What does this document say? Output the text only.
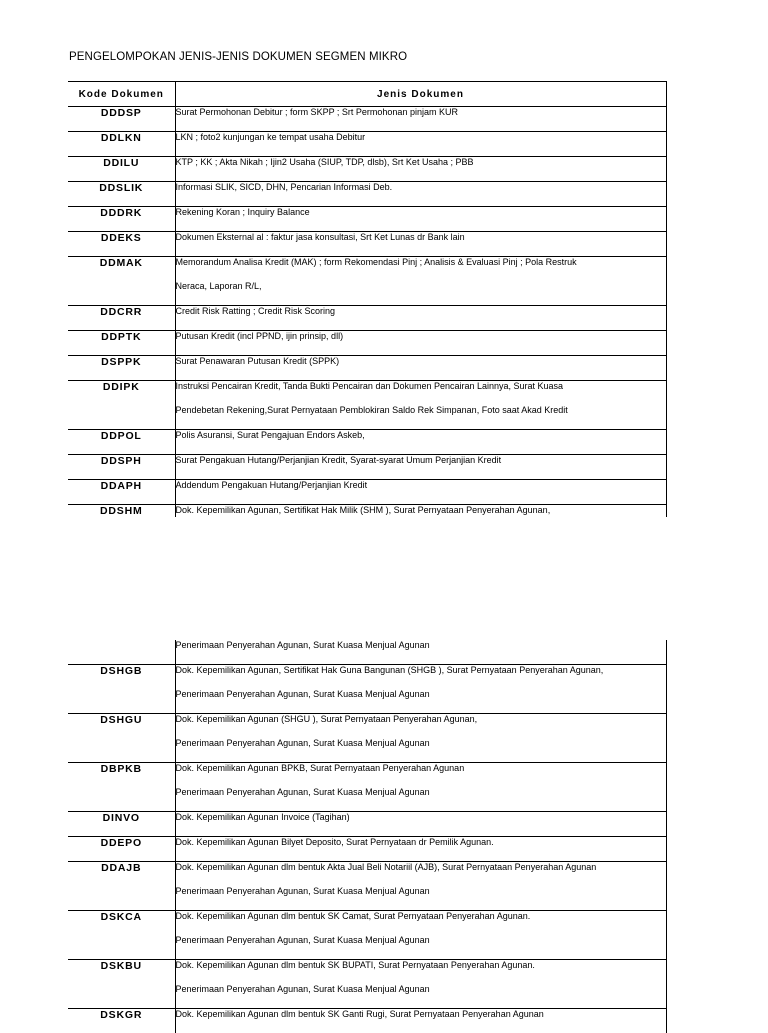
PENGELOMPOKAN JENIS-JENIS DOKUMEN SEGMEN MIKRO
Kode Dokumen	Jenis Dokumen
DDDSP	Surat Permohonan Debitur ; form SKPP ; Srt Permohonan pinjam KUR

DDLKN	LKN ; foto2 kunjungan ke tempat usaha Debitur

DDILU	KTP ; KK ; Akta Nikah ; Ijin2 Usaha (SIUP, TDP, dlsb), Srt Ket Usaha ; PBB

DDSLIK	Informasi SLIK, SICD, DHN, Pencarian Informasi Deb.

DDDRK	Rekening Koran ; Inquiry Balance

DDEKS	Dokumen Eksternal al : faktur jasa konsultasi, Srt Ket Lunas dr Bank lain

DDMAK	Memorandum Analisa Kredit (MAK) ; form Rekomendasi Pinj ; Analisis & Evaluasi Pinj ; Pola Restruk
Neraca, Laporan R/L,

DDCRR	Credit Risk Ratting ; Credit Risk Scoring

DDPTK	Putusan Kredit (incl PPND, ijin prinsip, dll)

DSPPK	Surat Penawaran Putusan Kredit (SPPK)

DDIPK	Instruksi Pencairan Kredit, Tanda Bukti Pencairan dan Dokumen Pencairan Lainnya, Surat Kuasa
Pendebetan Rekening,Surat Pernyataan Pemblokiran Saldo Rek Simpanan, Foto saat Akad Kredit

DDPOL	Polis Asuransi, Surat Pengajuan Endors Askeb,

DDSPH	Surat Pengakuan Hutang/Perjanjian Kredit, Syarat-syarat Umum Perjanjian Kredit

DDAPH	Addendum Pengakuan Hutang/Perjanjian Kredit

DDSHM	Dok. Kepemilikan Agunan, Sertifikat Hak Milik (SHM ), Surat Pernyataan Penyerahan Agunan,

	Penerimaan Penyerahan Agunan, Surat Kuasa Menjual Agunan

DSHGB	Dok. Kepemilikan Agunan, Sertifikat Hak Guna Bangunan (SHGB ), Surat Pernyataan Penyerahan Agunan,
Penerimaan Penyerahan Agunan, Surat Kuasa Menjual Agunan

DSHGU	Dok. Kepemilikan Agunan (SHGU ), Surat Pernyataan Penyerahan Agunan,
Penerimaan Penyerahan Agunan, Surat Kuasa Menjual Agunan

DBPKB	Dok. Kepemilikan Agunan BPKB, Surat Pernyataan Penyerahan Agunan
Penerimaan Penyerahan Agunan, Surat Kuasa Menjual Agunan

DINVO	Dok. Kepemilikan Agunan Invoice (Tagihan)

DDEPO	Dok. Kepemilikan Agunan Bilyet Deposito, Surat Pernyataan dr Pemilik Agunan.

DDAJB	Dok. Kepemilikan Agunan dlm bentuk Akta Jual Beli Notariil (AJB), Surat Pernyataan Penyerahan Agunan
Penerimaan Penyerahan Agunan, Surat Kuasa Menjual Agunan

DSKCA	Dok. Kepemilikan Agunan dlm bentuk SK Camat, Surat Pernyataan Penyerahan Agunan.
Penerimaan Penyerahan Agunan, Surat Kuasa Menjual Agunan

DSKBU	Dok. Kepemilikan Agunan dlm bentuk SK BUPATI, Surat Pernyataan Penyerahan Agunan.
Penerimaan Penyerahan Agunan, Surat Kuasa Menjual Agunan

DSKGR	Dok. Kepemilikan Agunan dlm bentuk SK Ganti Rugi, Surat Pernyataan Penyerahan Agunan
